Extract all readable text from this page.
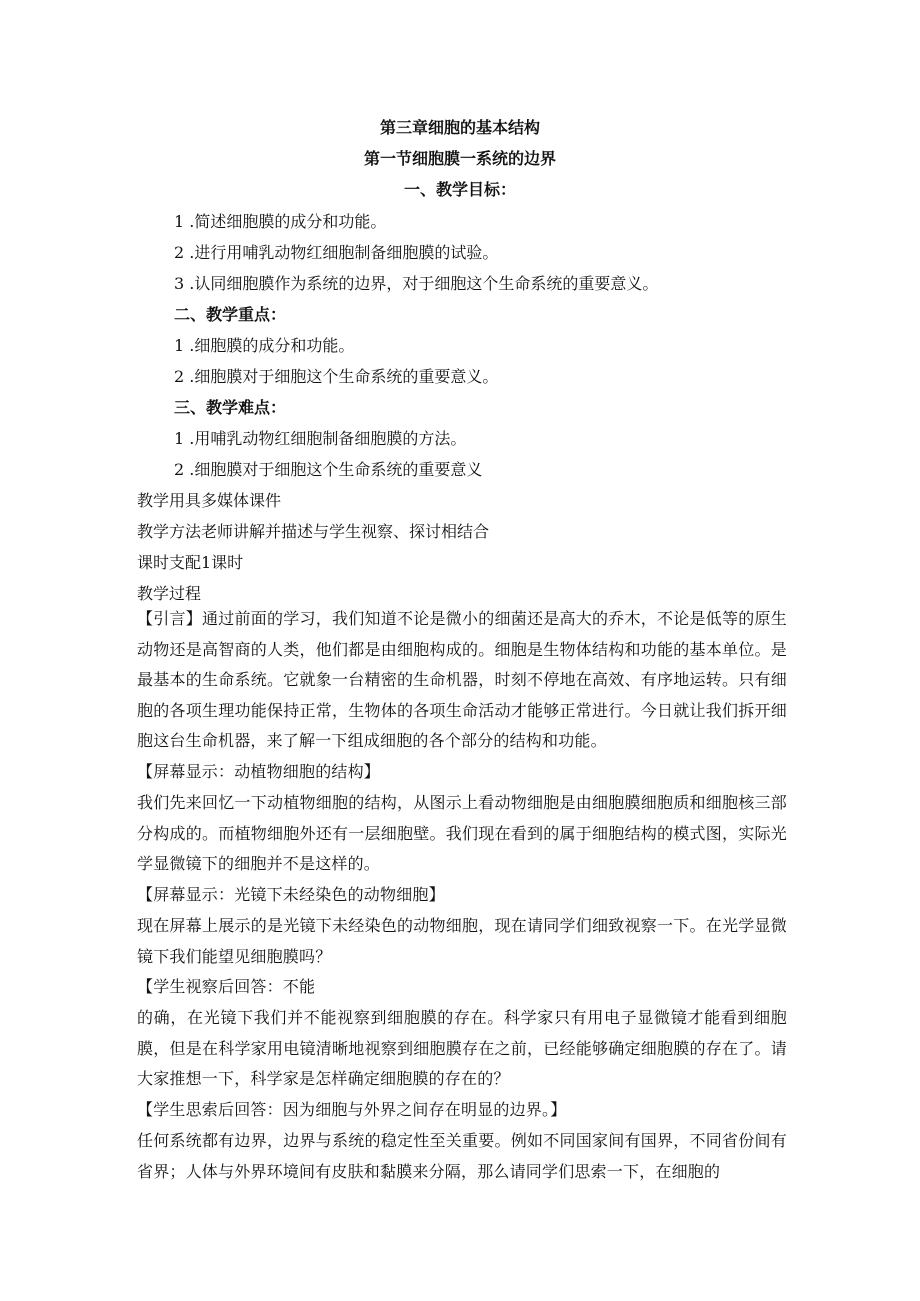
第三章细胞的基本结构
第一节细胞膜一系统的边界
一、教学目标：
1 .简述细胞膜的成分和功能。
2 .进行用哺乳动物红细胞制备细胞膜的试验。
3 .认同细胞膜作为系统的边界，对于细胞这个生命系统的重要意义。
二、教学重点：
1 .细胞膜的成分和功能。
2 .细胞膜对于细胞这个生命系统的重要意义。
三、教学难点：
1 .用哺乳动物红细胞制备细胞膜的方法。
2 .细胞膜对于细胞这个生命系统的重要意义
教学用具多媒体课件
教学方法老师讲解并描述与学生视察、探讨相结合
课时支配1课时
教学过程
【引言】通过前面的学习，我们知道不论是微小的细菌还是高大的乔木，不论是低等的原生动物还是高智商的人类，他们都是由细胞构成的。细胞是生物体结构和功能的基本单位。是最基本的生命系统。它就象一台精密的生命机器，时刻不停地在高效、有序地运转。只有细胞的各项生理功能保持正常，生物体的各项生命活动才能够正常进行。今日就让我们拆开细胞这台生命机器，来了解一下组成细胞的各个部分的结构和功能。
【屏幕显示：动植物细胞的结构】
我们先来回忆一下动植物细胞的结构，从图示上看动物细胞是由细胞膜细胞质和细胞核三部分构成的。而植物细胞外还有一层细胞壁。我们现在看到的属于细胞结构的模式图，实际光学显微镜下的细胞并不是这样的。
【屏幕显示：光镜下未经染色的动物细胞】
现在屏幕上展示的是光镜下未经染色的动物细胞，现在请同学们细致视察一下。在光学显微镜下我们能望见细胞膜吗？
【学生视察后回答：不能
的确，在光镜下我们并不能视察到细胞膜的存在。科学家只有用电子显微镜才能看到细胞膜，但是在科学家用电镜清晰地视察到细胞膜存在之前，已经能够确定细胞膜的存在了。请大家推想一下，科学家是怎样确定细胞膜的存在的？
【学生思索后回答：因为细胞与外界之间存在明显的边界。】
任何系统都有边界，边界与系统的稳定性至关重要。例如不同国家间有国界，不同省份间有省界；人体与外界环境间有皮肤和黏膜来分隔，那么请同学们思索一下，在细胞的
